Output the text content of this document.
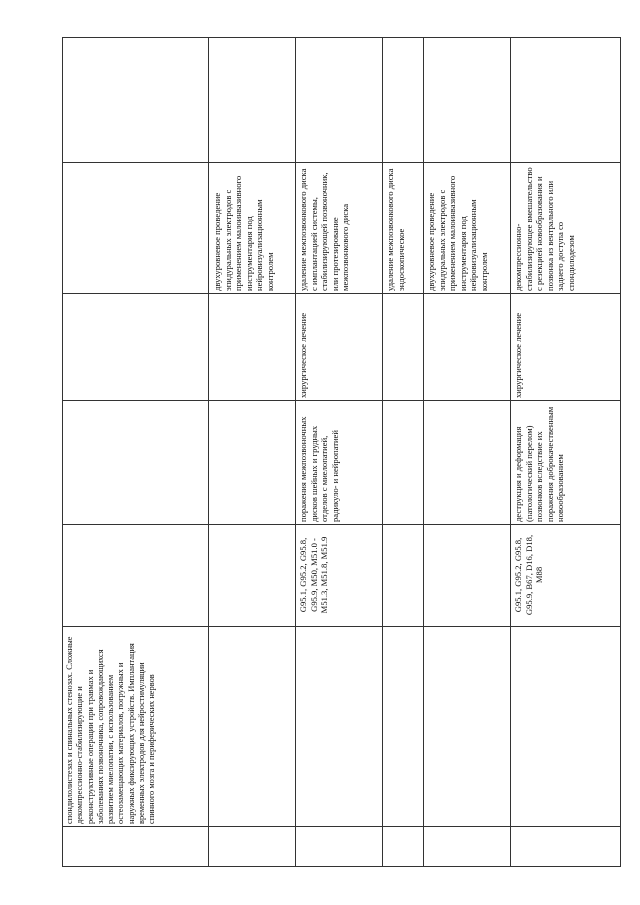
спондилолистезах и спинальных стенозах. Сложные декомпрессионно-стабилизирующие и реконструктивные операции при травмах и заболеваниях позвоночника, сопровождающихся развитием миелопатии, с использованием остеозамещающих материалов, погружных и наружных фиксирующих устройств. Имплантация временных электродов для нейростимуляции спинного мозга и периферических нервов
двухуровневое проведение эпидуральных электродов с применением малоинвазивного инструментария под нейровизуализационным контролем
G95.1, G95.2, G95.8, G95.9, M50, M51.0 - M51.3, M51.8, M51.9
поражения межпозвоночных дисков шейных и грудных отделов с миелопатией, радикуло- и нейропатией
хирургическое лечение
удаление межпозвонкового диска с имплантацией системы, стабилизирующей позвоночник, или протезирование межпозвонкового диска	удаление межпозвонкового диска эндоскопическое	двухуровневое проведение эпидуральных электродов с применением малоинвазивного инструментария под нейровизуализационным контролем
G95.1, G95.2, G95.8, G95.9, B67, D16, D18, M88
деструкция и деформация (патологический перелом) позвонков вследствие их поражения доброкачественным новообразованием
хирургическое лечение
декомпрессионно-стабилизирующее вмешательство с резекцией новообразования и позвонка из вентрального или заднего доступа со спондилодезом
